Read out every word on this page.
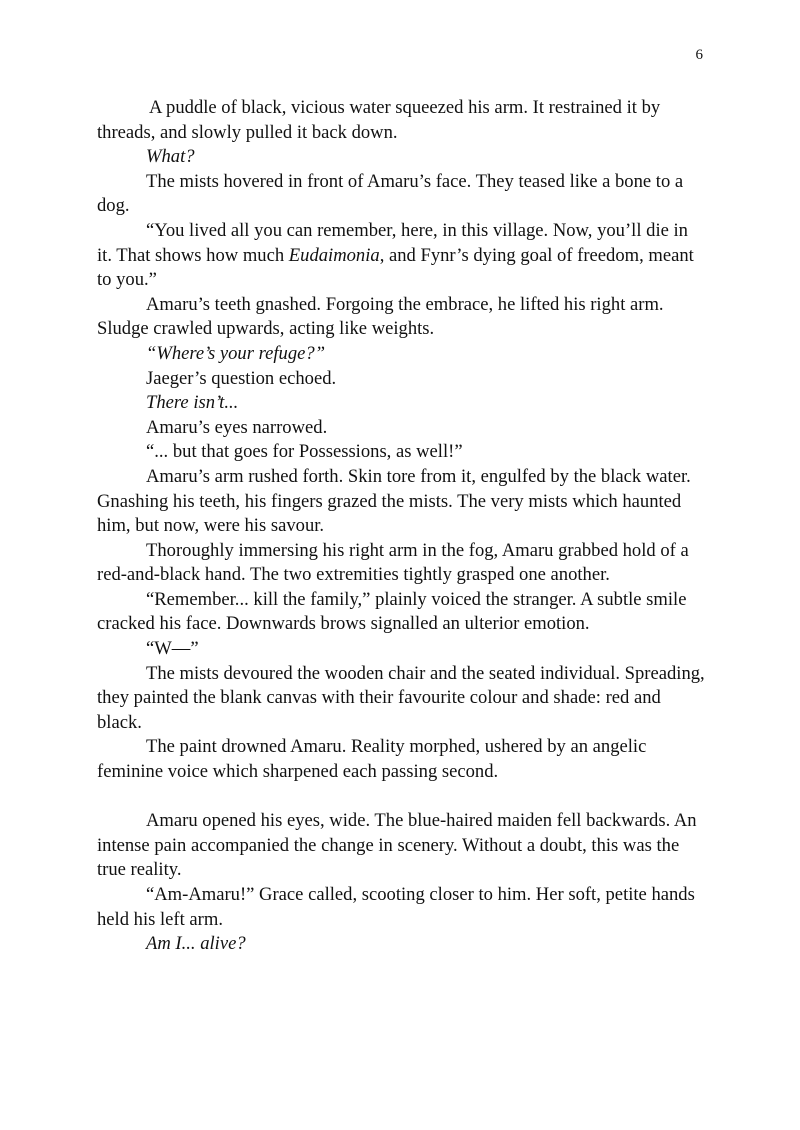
6

A puddle of black, vicious water squeezed his arm. It restrained it by threads, and slowly pulled it back down.

What?

The mists hovered in front of Amaru’s face. They teased like a bone to a dog.

“You lived all you can remember, here, in this village. Now, you’ll die in it. That shows how much Eudaimonia, and Fynr’s dying goal of freedom, meant to you.”

Amaru’s teeth gnashed. Forgoing the embrace, he lifted his right arm. Sludge crawled upwards, acting like weights.

“Where’s your refuge?”

Jaeger’s question echoed.

There isn’t...

Amaru’s eyes narrowed.

“... but that goes for Possessions, as well!”

Amaru’s arm rushed forth. Skin tore from it, engulfed by the black water. Gnashing his teeth, his fingers grazed the mists. The very mists which haunted him, but now, were his savour.

Thoroughly immersing his right arm in the fog, Amaru grabbed hold of a red-and-black hand. The two extremities tightly grasped one another.

“Remember... kill the family,” plainly voiced the stranger. A subtle smile cracked his face. Downwards brows signalled an ulterior emotion.

“W—”

The mists devoured the wooden chair and the seated individual. Spreading, they painted the blank canvas with their favourite colour and shade: red and black.

The paint drowned Amaru. Reality morphed, ushered by an angelic feminine voice which sharpened each passing second.

Amaru opened his eyes, wide. The blue-haired maiden fell backwards. An intense pain accompanied the change in scenery. Without a doubt, this was the true reality.

“Am-Amaru!” Grace called, scooting closer to him. Her soft, petite hands held his left arm.

Am I... alive?
